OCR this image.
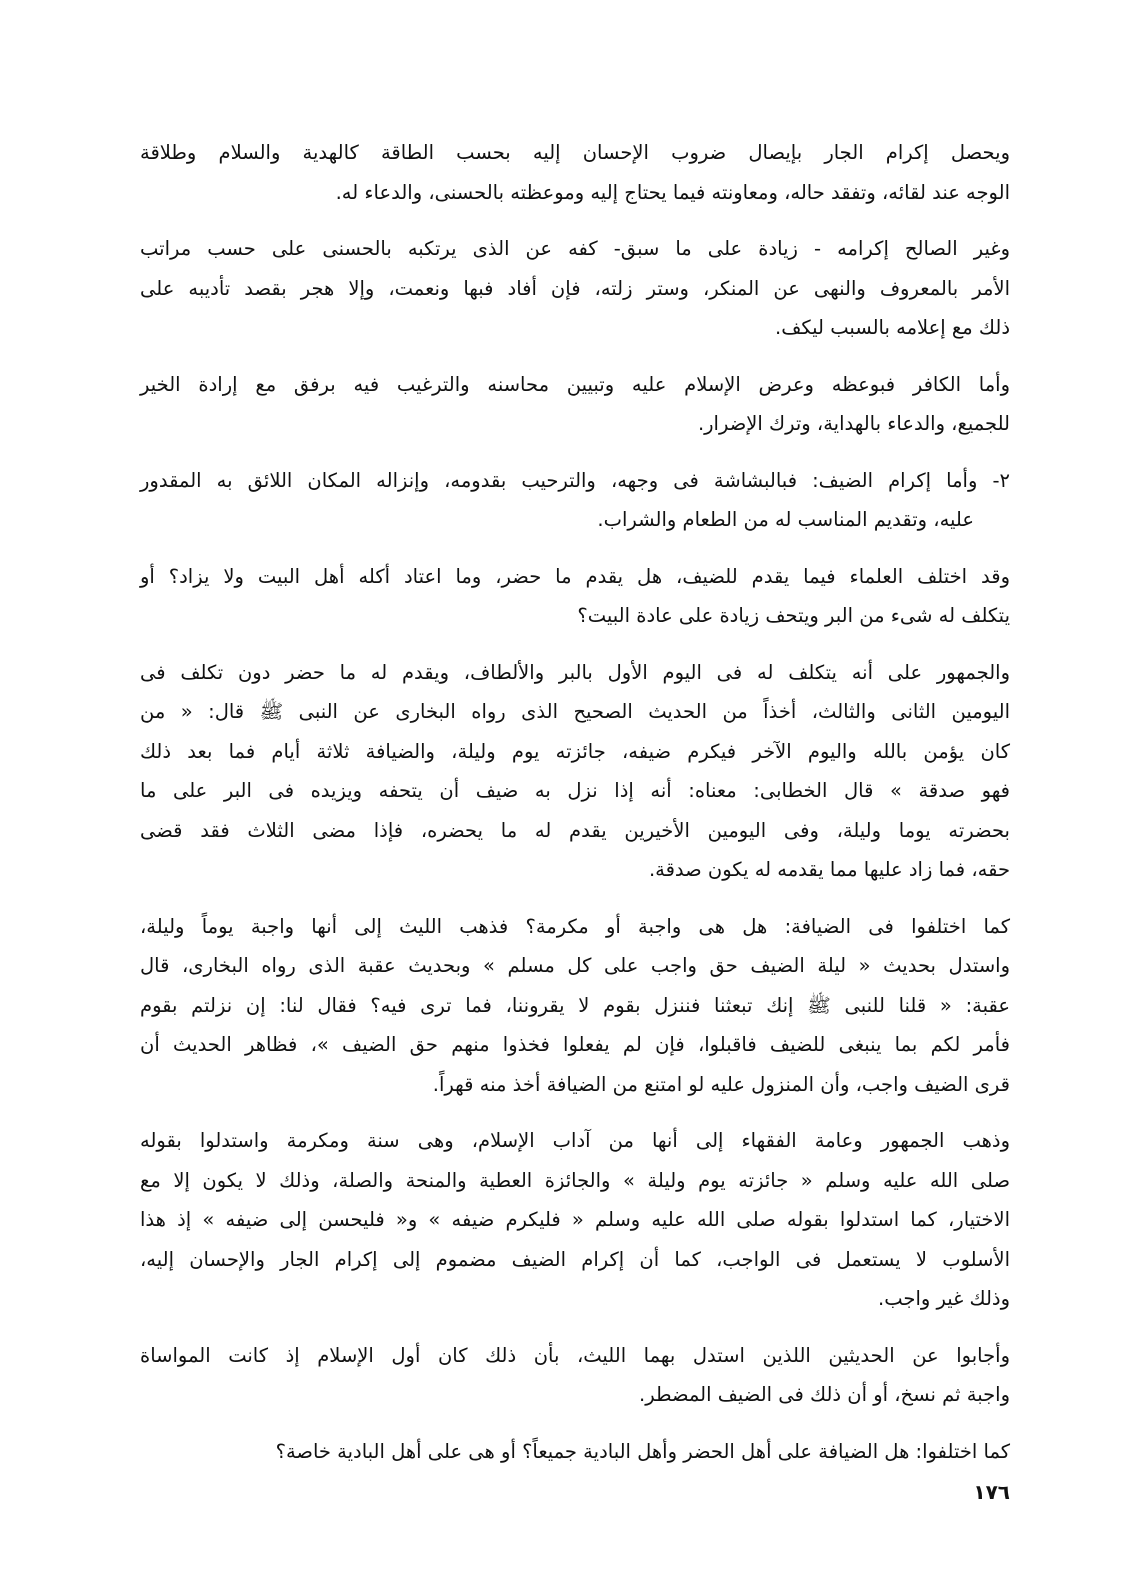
ويحصل إكرام الجار بإيصال ضروب الإحسان إليه بحسب الطاقة كالهدية والسلام وطلاقة
الوجه عند لقائه، وتفقد حاله، ومعاونته فيما يحتاج إليه وموعظته بالحسنى، والدعاء له.
وغير الصالح إكرامه - زيادة على ما سبق- كفه عن الذى يرتكبه بالحسنى على حسب مراتب
الأمر بالمعروف والنهى عن المنكر، وستر زلته، فإن أفاد فبها ونعمت، وإلا هجر بقصد تأديبه على
ذلك مع إعلامه بالسبب ليكف.
وأما الكافر فبوعظه وعرض الإسلام عليه وتبيين محاسنه والترغيب فيه برفق مع إرادة الخير
للجميع، والدعاء بالهداية، وترك الإضرار.
٢- وأما إكرام الضيف: فبالبشاشة فى وجهه، والترحيب بقدومه، وإنزاله المكان اللائق به المقدور
عليه، وتقديم المناسب له من الطعام والشراب.
وقد اختلف العلماء فيما يقدم للضيف، هل يقدم ما حضر، وما اعتاد أكله أهل البيت ولا يزاد؟ أو
يتكلف له شىء من البر ويتحف زيادة على عادة البيت؟
والجمهور على أنه يتكلف له فى اليوم الأول بالبر والألطاف، ويقدم له ما حضر دون تكلف فى
اليومين الثانى والثالث، أخذاً من الحديث الصحيح الذى رواه البخارى عن النبى ﷺ قال: « من
كان يؤمن بالله واليوم الآخر فيكرم ضيفه، جائزته يوم وليلة، والضيافة ثلاثة أيام فما بعد ذلك
فهو صدقة » قال الخطابى: معناه: أنه إذا نزل به ضيف أن يتحفه ويزيده فى البر على ما
بحضرته يوما وليلة، وفى اليومين الأخيرين يقدم له ما يحضره، فإذا مضى الثلاث فقد قضى
حقه، فما زاد عليها مما يقدمه له يكون صدقة.
كما اختلفوا فى الضيافة: هل هى واجبة أو مكرمة؟ فذهب الليث إلى أنها واجبة يوماً وليلة،
واستدل بحديث « ليلة الضيف حق واجب على كل مسلم » وبحديث عقبة الذى رواه البخارى، قال
عقبة: « قلنا للنبى ﷺ إنك تبعثنا فننزل بقوم لا يقروننا، فما ترى فيه؟ فقال لنا: إن نزلتم بقوم
فأمر لكم بما ينبغى للضيف فاقبلوا، فإن لم يفعلوا فخذوا منهم حق الضيف »، فظاهر الحديث أن
قرى الضيف واجب، وأن المنزول عليه لو امتنع من الضيافة أخذ منه قهراً.
وذهب الجمهور وعامة الفقهاء إلى أنها من آداب الإسلام، وهى سنة ومكرمة واستدلوا بقوله
صلى الله عليه وسلم « جائزته يوم وليلة » والجائزة العطية والمنحة والصلة، وذلك لا يكون إلا مع
الاختيار، كما استدلوا بقوله صلى الله عليه وسلم « فليكرم ضيفه » و« فليحسن إلى ضيفه » إذ هذا
الأسلوب لا يستعمل فى الواجب، كما أن إكرام الضيف مضموم إلى إكرام الجار والإحسان إليه،
وذلك غير واجب.
وأجابوا عن الحديثين اللذين استدل بهما الليث، بأن ذلك كان أول الإسلام إذ كانت المواساة
واجبة ثم نسخ، أو أن ذلك فى الضيف المضطر.
كما اختلفوا: هل الضيافة على أهل الحضر وأهل البادية جميعاً؟ أو هى على أهل البادية خاصة؟
١٧٦
